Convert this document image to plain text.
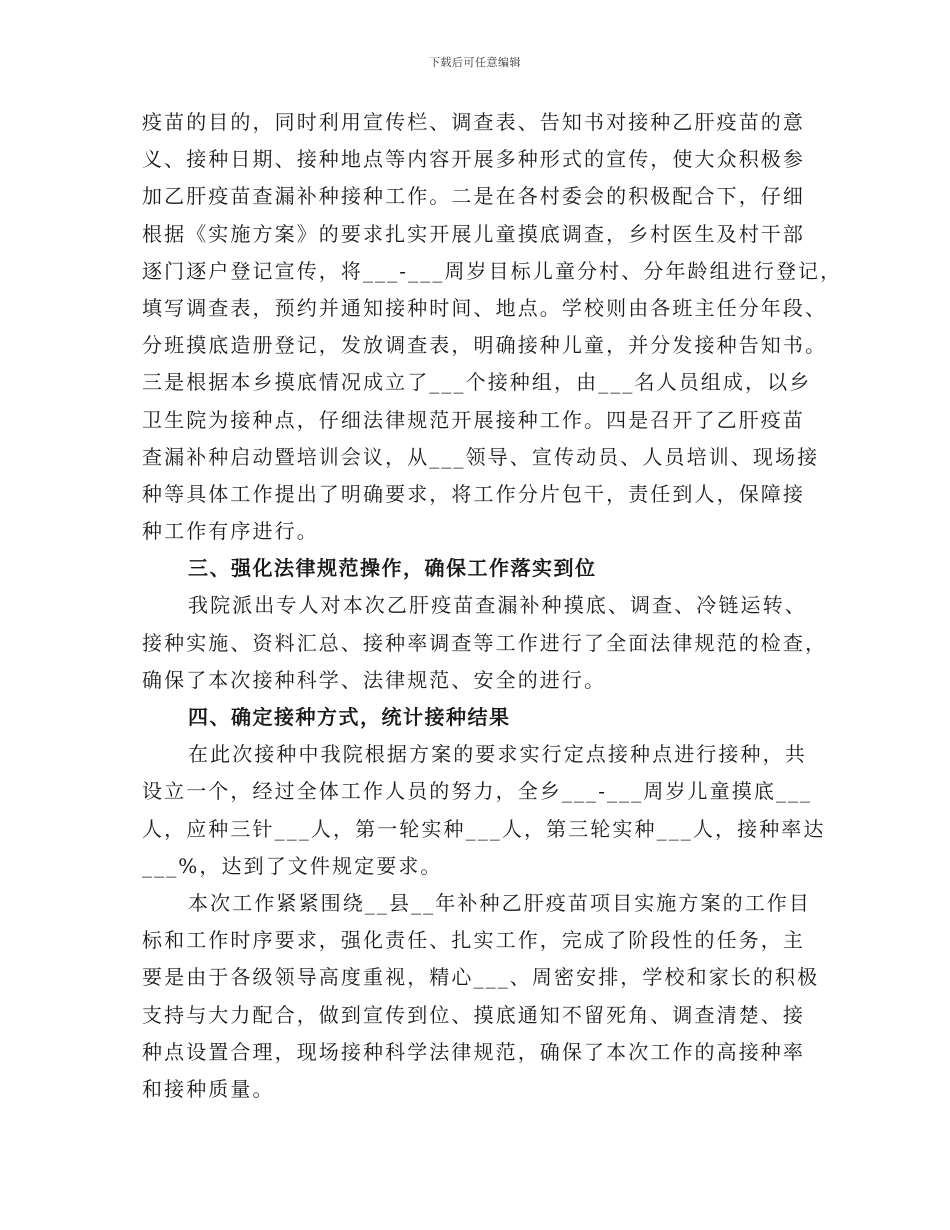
下载后可任意编辑
疫苗的目的，同时利用宣传栏、调查表、告知书对接种乙肝疫苗的意
义、接种日期、接种地点等内容开展多种形式的宣传，使大众积极参
加乙肝疫苗查漏补种接种工作。二是在各村委会的积极配合下，仔细
根据《实施方案》的要求扎实开展儿童摸底调查，乡村医生及村干部
逐门逐户登记宣传，将___-___周岁目标儿童分村、分年龄组进行登记，
填写调查表，预约并通知接种时间、地点。学校则由各班主任分年段、
分班摸底造册登记，发放调查表，明确接种儿童，并分发接种告知书。
三是根据本乡摸底情况成立了___个接种组，由___名人员组成，以乡
卫生院为接种点，仔细法律规范开展接种工作。四是召开了乙肝疫苗
查漏补种启动暨培训会议，从___领导、宣传动员、人员培训、现场接
种等具体工作提出了明确要求，将工作分片包干，责任到人，保障接
种工作有序进行。
三、强化法律规范操作，确保工作落实到位
我院派出专人对本次乙肝疫苗查漏补种摸底、调查、冷链运转、
接种实施、资料汇总、接种率调查等工作进行了全面法律规范的检查，
确保了本次接种科学、法律规范、安全的进行。
四、确定接种方式，统计接种结果
在此次接种中我院根据方案的要求实行定点接种点进行接种，共
设立一个，经过全体工作人员的努力，全乡___-___周岁儿童摸底___
人，应种三针___人，第一轮实种___人，第三轮实种___人，接种率达
___%，达到了文件规定要求。
本次工作紧紧围绕__县__年补种乙肝疫苗项目实施方案的工作目
标和工作时序要求，强化责任、扎实工作，完成了阶段性的任务，主
要是由于各级领导高度重视，精心___、周密安排，学校和家长的积极
支持与大力配合，做到宣传到位、摸底通知不留死角、调查清楚、接
种点设置合理，现场接种科学法律规范，确保了本次工作的高接种率
和接种质量。
